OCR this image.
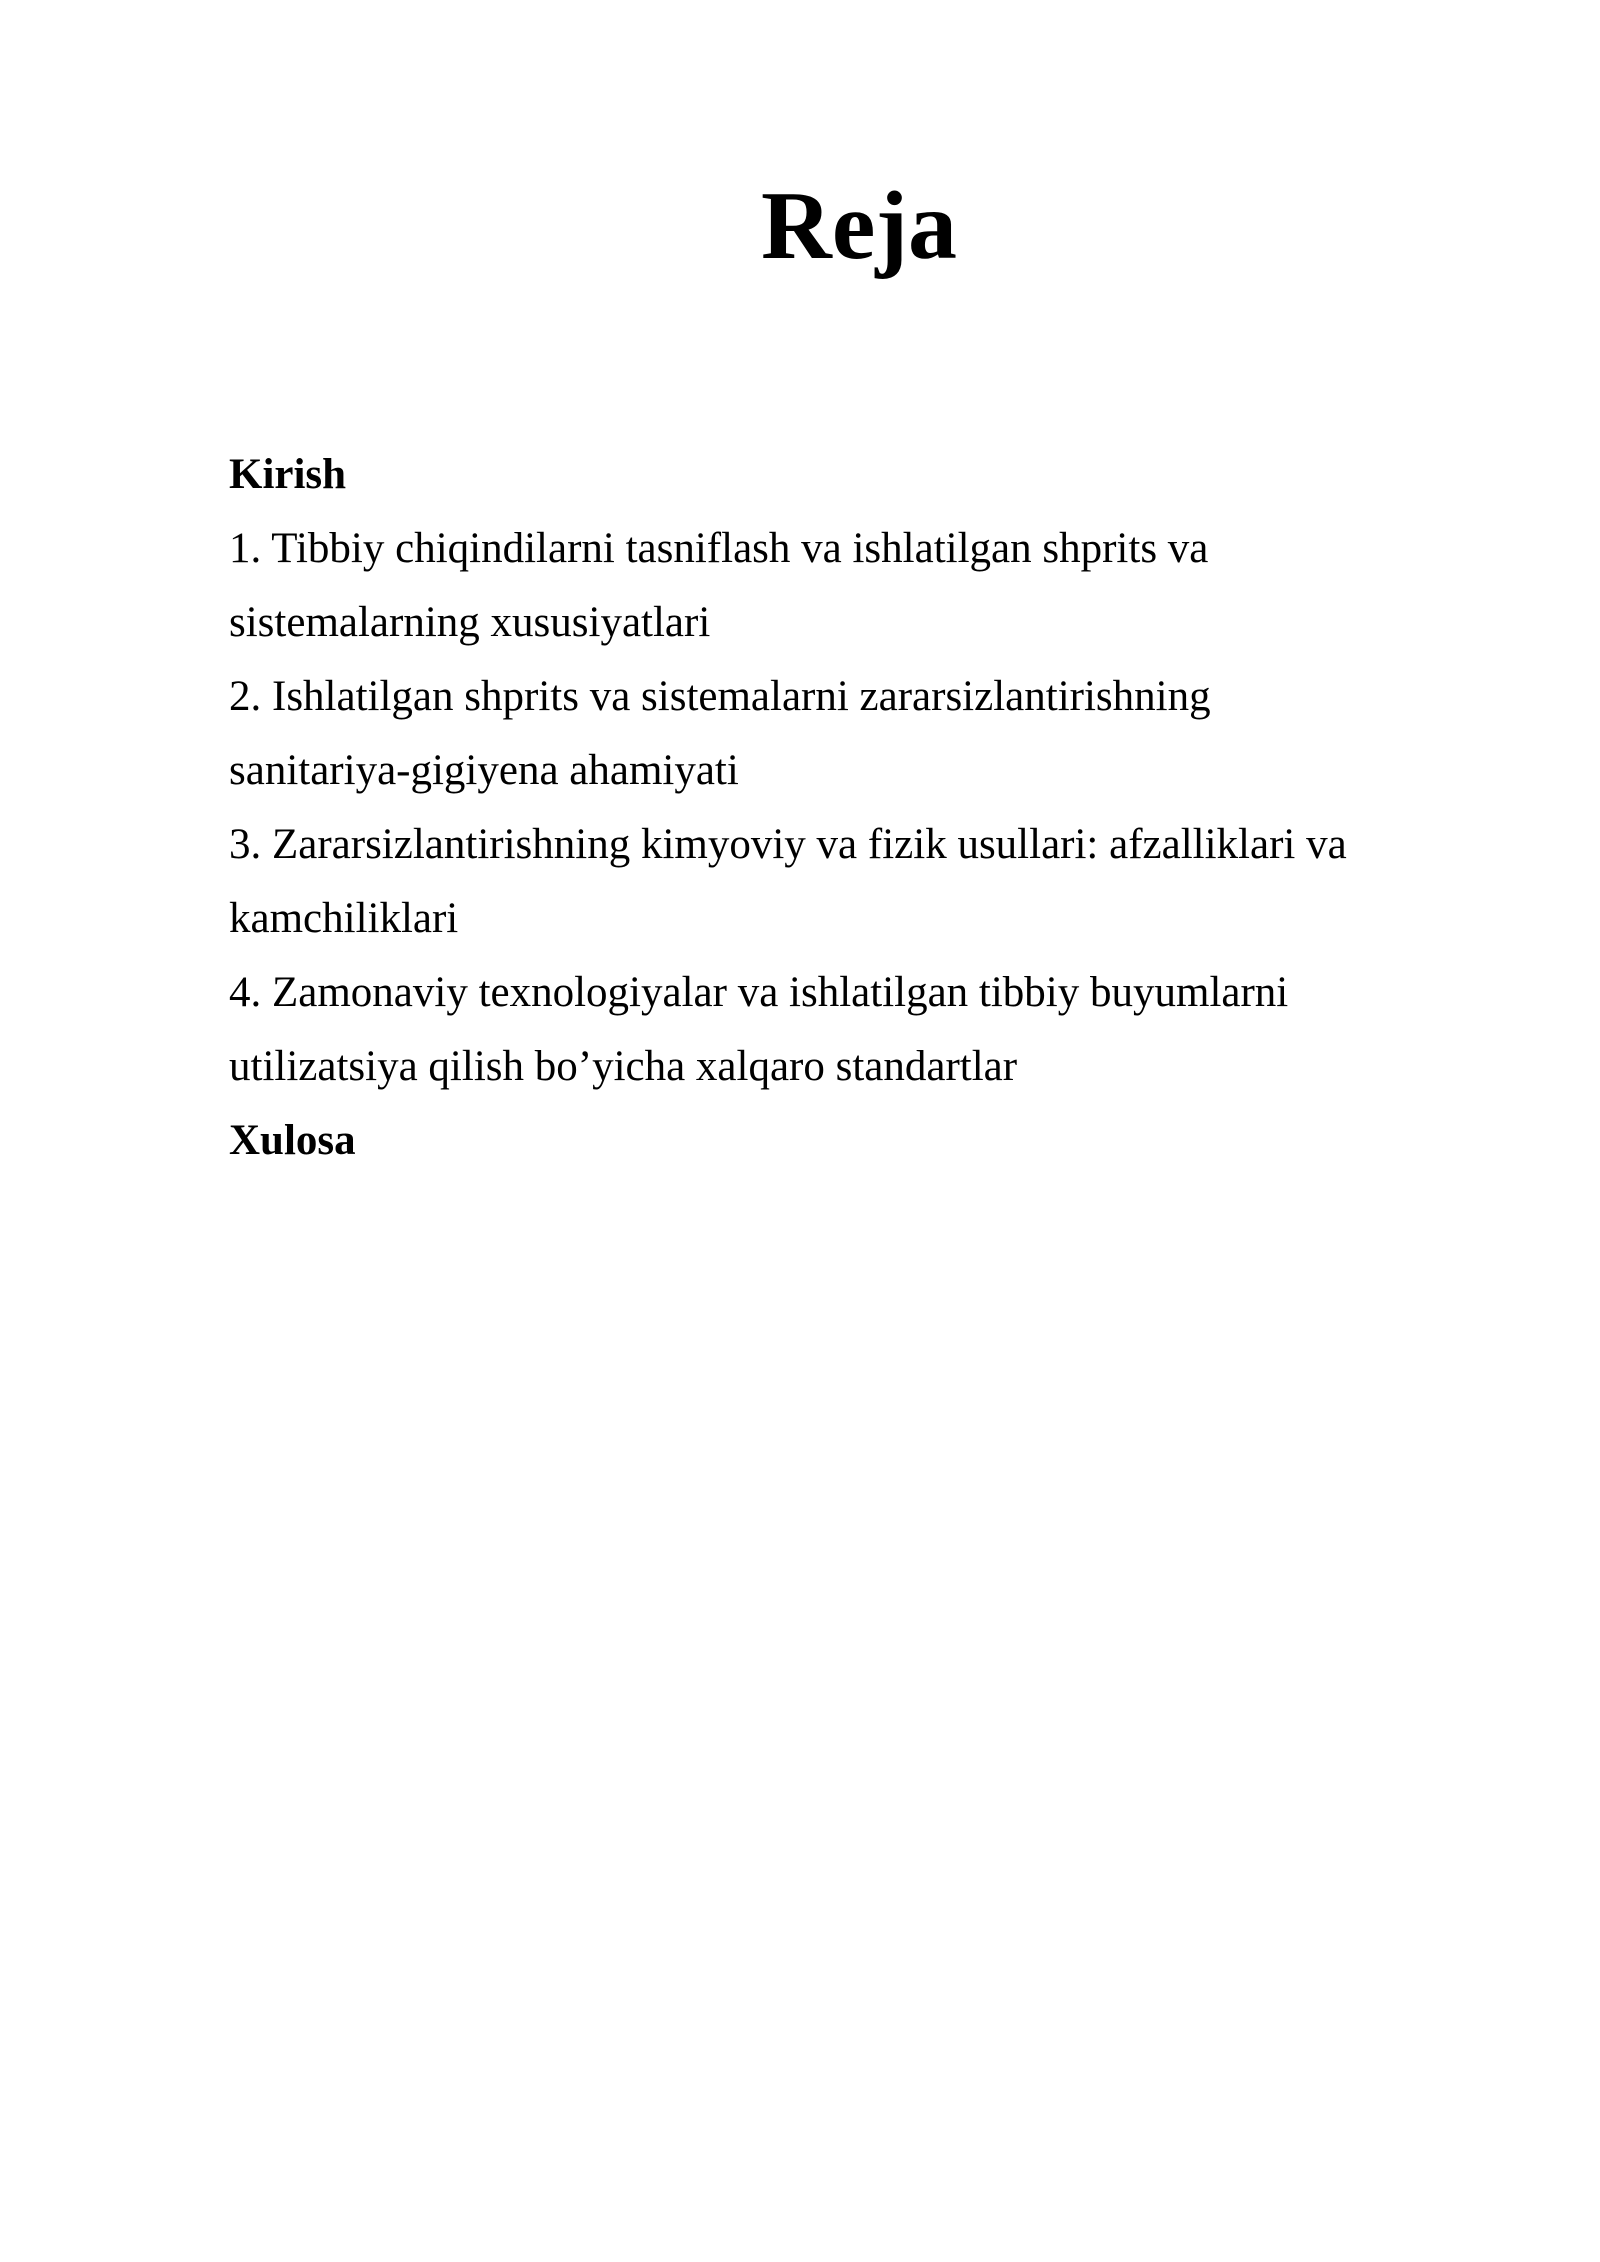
Reja
Kirish
1. Tibbiy chiqindilarni tasniflash va ishlatilgan shprits va
sistemalarning xususiyatlari
2. Ishlatilgan shprits va sistemalarni zararsizlantirishning
sanitariya-gigiyena ahamiyati
3. Zararsizlantirishning kimyoviy va fizik usullari: afzalliklari va
kamchiliklari
4. Zamonaviy texnologiyalar va ishlatilgan tibbiy buyumlarni
utilizatsiya qilish bo’yicha xalqaro standartlar
Xulosa
